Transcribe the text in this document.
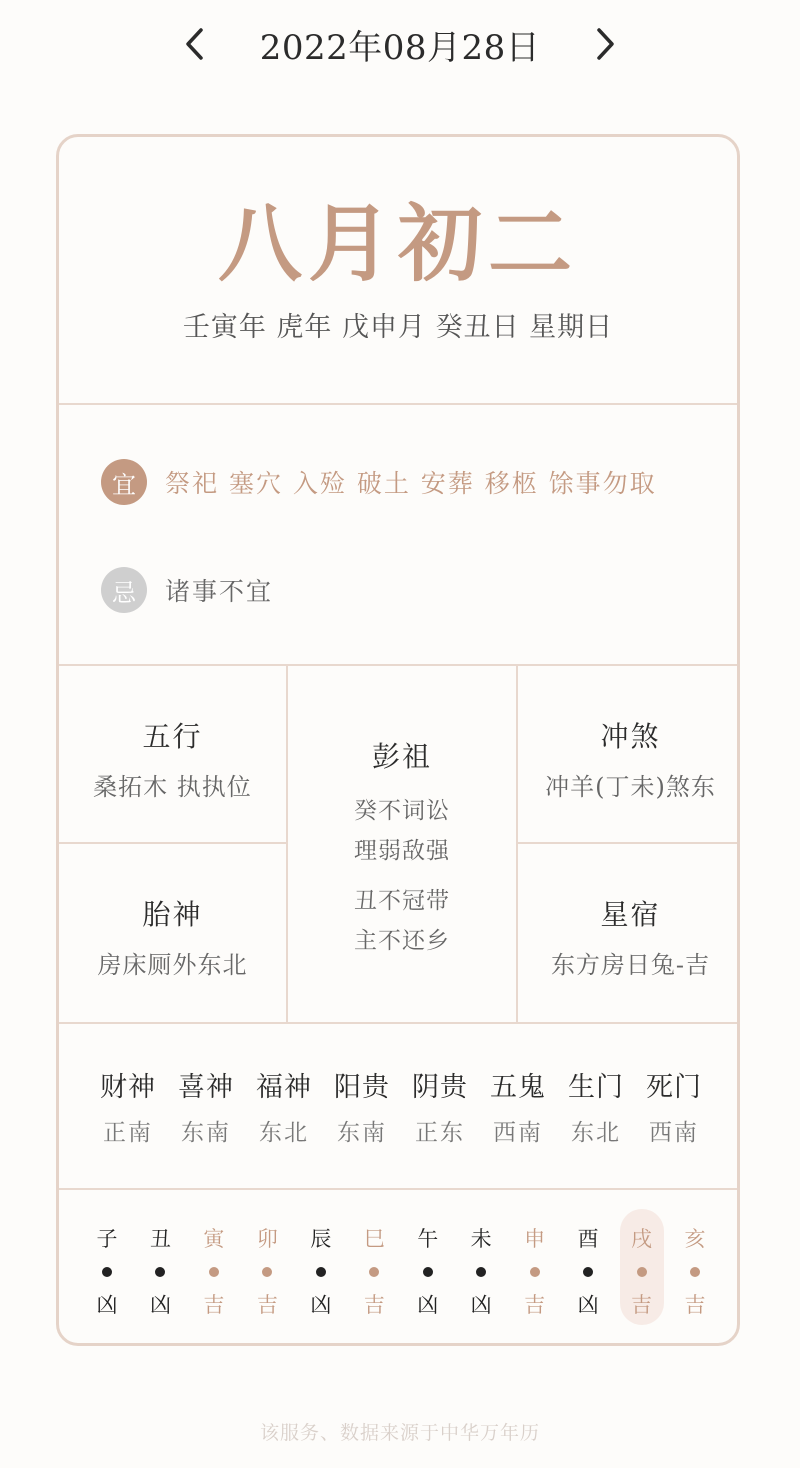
2022年08月28日
八月初二
壬寅年 虎年 戊申月 癸丑日 星期日
宜	祭祀 塞穴 入殓 破土 安葬 移柩 馀事勿取
忌	诸事不宜
五行
桑拓木 执执位
胎神
房床厕外东北
彭祖
癸不词讼
理弱敌强
丑不冠带
主不还乡
冲煞
冲羊(丁未)煞东
星宿
东方房日兔-吉
财神
正南
喜神
东南
福神
东北
阳贵
东南
阴贵
正东
五鬼
西南
生门
东北
死门
西南
子
凶
丑
凶
寅
吉
卯
吉
辰
凶
巳
吉
午
凶
未
凶
申
吉
酉
凶
戌
吉
亥
吉
该服务、数据来源于中华万年历
